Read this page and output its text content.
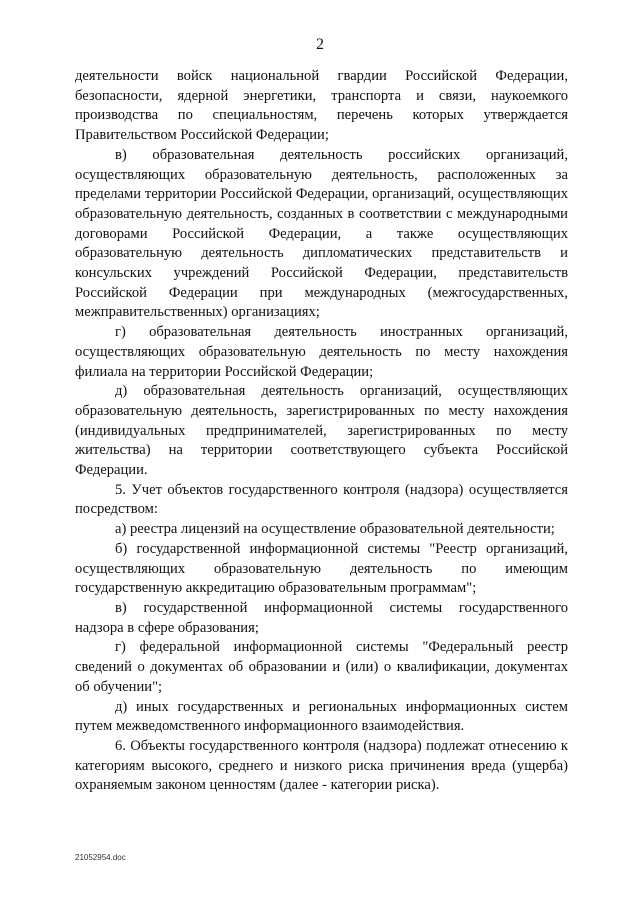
2

деятельности войск национальной гвардии Российской Федерации, безопасности, ядерной энергетики, транспорта и связи, наукоемкого производства по специальностям, перечень которых утверждается Правительством Российской Федерации;

в) образовательная деятельность российских организаций, осуществляющих образовательную деятельность, расположенных за пределами территории Российской Федерации, организаций, осуществляющих образовательную деятельность, созданных в соответствии с международными договорами Российской Федерации, а также осуществляющих образовательную деятельность дипломатических представительств и консульских учреждений Российской Федерации, представительств Российской Федерации при международных (межгосударственных, межправительственных) организациях;

г) образовательная деятельность иностранных организаций, осуществляющих образовательную деятельность по месту нахождения филиала на территории Российской Федерации;

д) образовательная деятельность организаций, осуществляющих образовательную деятельность, зарегистрированных по месту нахождения (индивидуальных предпринимателей, зарегистрированных по месту жительства) на территории соответствующего субъекта Российской Федерации.

5. Учет объектов государственного контроля (надзора) осуществляется посредством:

а) реестра лицензий на осуществление образовательной деятельности;

б) государственной информационной системы "Реестр организаций, осуществляющих образовательную деятельность по имеющим государственную аккредитацию образовательным программам";

в) государственной информационной системы государственного надзора в сфере образования;

г) федеральной информационной системы "Федеральный реестр сведений о документах об образовании и (или) о квалификации, документах об обучении";

д) иных государственных и региональных информационных систем путем межведомственного информационного взаимодействия.

6. Объекты государственного контроля (надзора) подлежат отнесению к категориям высокого, среднего и низкого риска причинения вреда (ущерба) охраняемым законом ценностям (далее - категории риска).

21052954.doc
